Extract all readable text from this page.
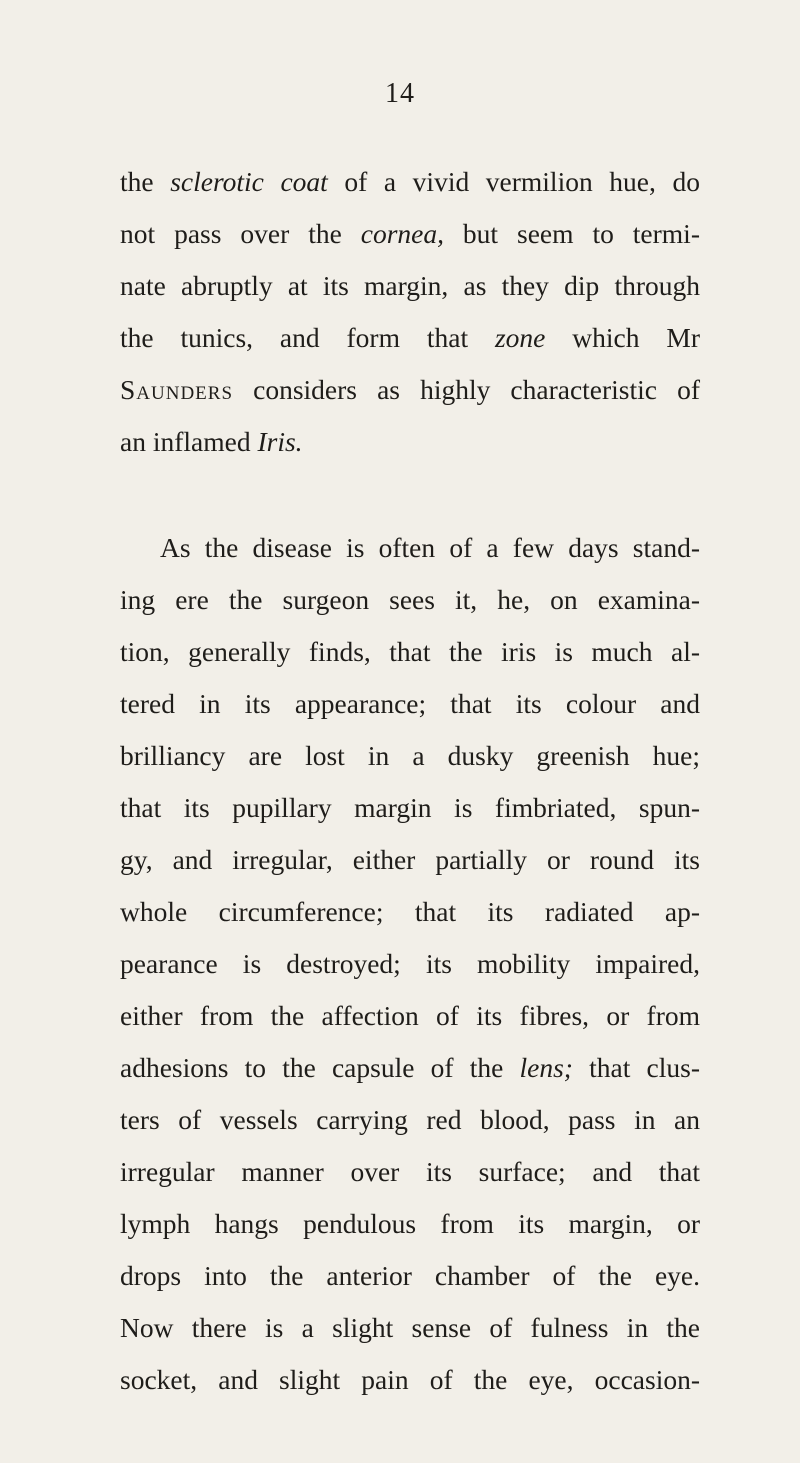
14
the sclerotic coat of a vivid vermilion hue, do
not pass over the cornea, but seem to termi-
nate abruptly at its margin, as they dip through
the tunics, and form that zone which Mr
Saunders considers as highly characteristic of
an inflamed Iris.
As the disease is often of a few days stand-
ing ere the surgeon sees it, he, on examina-
tion, generally finds, that the iris is much al-
tered in its appearance; that its colour and
brilliancy are lost in a dusky greenish hue;
that its pupillary margin is fimbriated, spun-
gy, and irregular, either partially or round its
whole circumference; that its radiated ap-
pearance is destroyed; its mobility impaired,
either from the affection of its fibres, or from
adhesions to the capsule of the lens; that clus-
ters of vessels carrying red blood, pass in an
irregular manner over its surface; and that
lymph hangs pendulous from its margin, or
drops into the anterior chamber of the eye.
Now there is a slight sense of fulness in the
socket, and slight pain of the eye, occasion-
